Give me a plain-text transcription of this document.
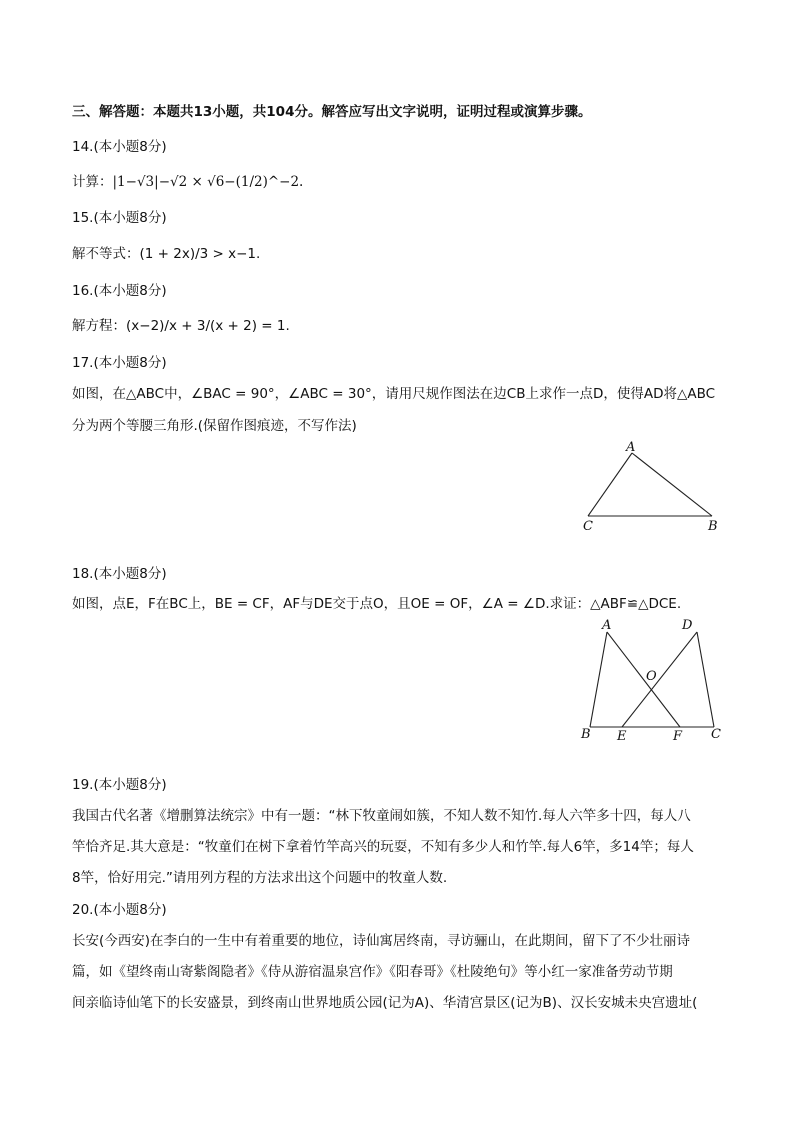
三、解答题：本题共13小题，共104分。解答应写出文字说明，证明过程或演算步骤。
14.(本小题8分)
计算：|1−√3|−√2 × √6−(1/2)^−2.
15.(本小题8分)
解不等式：(1 + 2x)/3 > x−1.
16.(本小题8分)
解方程：(x−2)/x + 3/(x + 2) = 1.
17.(本小题8分)
如图，在△ABC中，∠BAC = 90°，∠ABC = 30°，请用尺规作图法在边CB上求作一点D，使得AD将△ABC
分为两个等腰三角形.(保留作图痕迹，不写作法)
A
C	B
18.(本小题8分)
如图，点E，F在BC上，BE = CF，AF与DE交于点O，且OE = OF，∠A = ∠D.求证：△ABF≌△DCE.
A	D
O
B E	F C
19.(本小题8分)
我国古代名著《增删算法统宗》中有一题：“林下牧童闹如簇，不知人数不知竹.每人六竿多十四，每人八
竿恰齐足.其大意是：“牧童们在树下拿着竹竿高兴的玩耍，不知有多少人和竹竿.每人6竿，多14竿；每人
8竿，恰好用完.”请用列方程的方法求出这个问题中的牧童人数.
20.(本小题8分)
长安(今西安)在李白的一生中有着重要的地位，诗仙寓居终南，寻访骊山，在此期间，留下了不少壮丽诗
篇，如《望终南山寄紫阁隐者》《侍从游宿温泉宫作》《阳春哥》《杜陵绝句》等小红一家准备劳动节期
间亲临诗仙笔下的长安盛景，到终南山世界地质公园(记为A)、华清宫景区(记为B)、汉长安城未央宫遗址(
